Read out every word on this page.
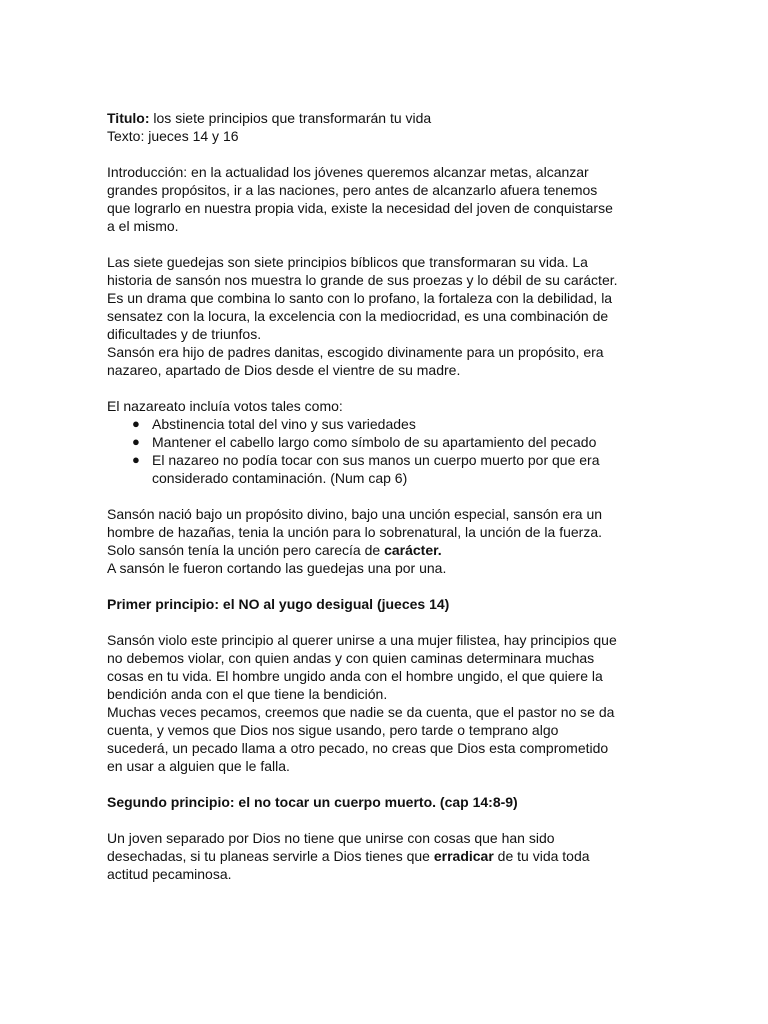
Titulo: los siete principios que transformarán tu vida
Texto: jueces 14 y 16
Introducción: en la actualidad los jóvenes queremos alcanzar metas, alcanzar
grandes propósitos, ir a las naciones, pero antes de alcanzarlo afuera tenemos
que lograrlo en nuestra propia vida, existe la necesidad del joven de conquistarse
a el mismo.
Las siete guedejas son siete principios bíblicos que transformaran su vida. La
historia de sansón nos muestra lo grande de sus proezas y lo débil de su carácter.
Es un drama que combina lo santo con lo profano, la fortaleza con la debilidad, la
sensatez con la locura, la excelencia con la mediocridad, es una combinación de
dificultades y de triunfos.
Sansón era hijo de padres danitas, escogido divinamente para un propósito, era
nazareo, apartado de Dios desde el vientre de su madre.
El nazareato incluía votos tales como:
● Abstinencia total del vino y sus variedades
● Mantener el cabello largo como símbolo de su apartamiento del pecado
● El nazareo no podía tocar con sus manos un cuerpo muerto por que era
considerado contaminación. (Num cap 6)
Sansón nació bajo un propósito divino, bajo una unción especial, sansón era un
hombre de hazañas, tenia la unción para lo sobrenatural, la unción de la fuerza.
Solo sansón tenía la unción pero carecía de carácter.
A sansón le fueron cortando las guedejas una por una.
Primer principio: el NO al yugo desigual (jueces 14)
Sansón violo este principio al querer unirse a una mujer filistea, hay principios que
no debemos violar, con quien andas y con quien caminas determinara muchas
cosas en tu vida. El hombre ungido anda con el hombre ungido, el que quiere la
bendición anda con el que tiene la bendición.
Muchas veces pecamos, creemos que nadie se da cuenta, que el pastor no se da
cuenta, y vemos que Dios nos sigue usando, pero tarde o temprano algo
sucederá, un pecado llama a otro pecado, no creas que Dios esta comprometido
en usar a alguien que le falla.
Segundo principio: el no tocar un cuerpo muerto. (cap 14:8-9)
Un joven separado por Dios no tiene que unirse con cosas que han sido
desechadas, si tu planeas servirle a Dios tienes que erradicar de tu vida toda
actitud pecaminosa.
